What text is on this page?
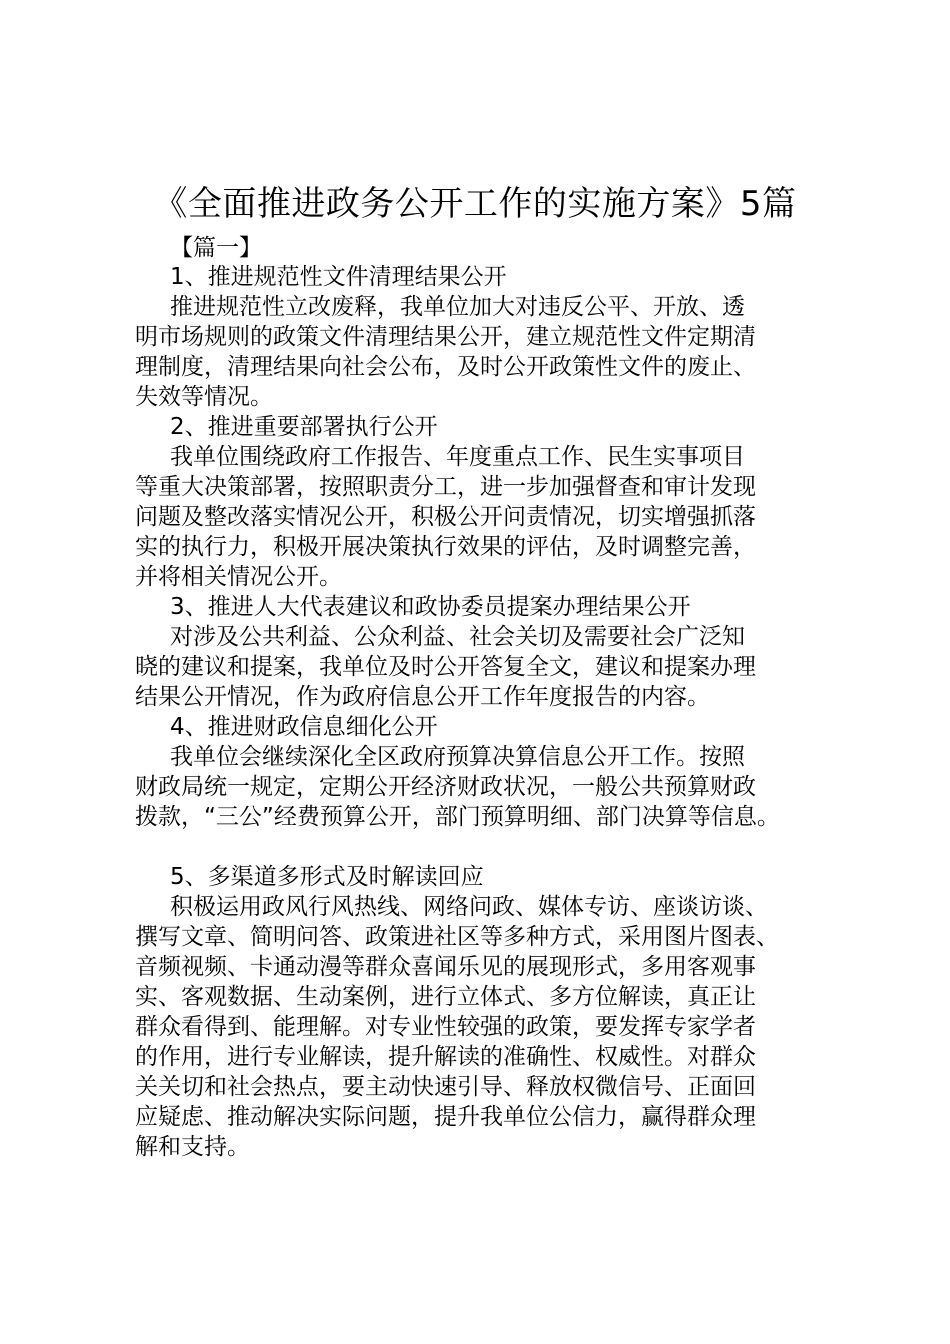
《全面推进政务公开工作的实施方案》5篇
【篇一】
1、推进规范性文件清理结果公开
推进规范性立改废释，我单位加大对违反公平、开放、透
明市场规则的政策文件清理结果公开，建立规范性文件定期清
理制度，清理结果向社会公布，及时公开政策性文件的废止、
失效等情况。
2、推进重要部署执行公开
我单位围绕政府工作报告、年度重点工作、民生实事项目
等重大决策部署，按照职责分工，进一步加强督查和审计发现
问题及整改落实情况公开，积极公开问责情况，切实增强抓落
实的执行力，积极开展决策执行效果的评估，及时调整完善，
并将相关情况公开。
3、推进人大代表建议和政协委员提案办理结果公开
对涉及公共利益、公众利益、社会关切及需要社会广泛知
晓的建议和提案，我单位及时公开答复全文，建议和提案办理
结果公开情况，作为政府信息公开工作年度报告的内容。
4、推进财政信息细化公开
我单位会继续深化全区政府预算决算信息公开工作。按照
财政局统一规定，定期公开经济财政状况，一般公共预算财政
拨款，“三公”经费预算公开，部门预算明细、部门决算等信息。
5、多渠道多形式及时解读回应
积极运用政风行风热线、网络问政、媒体专访、座谈访谈、
撰写文章、简明问答、政策进社区等多种方式，采用图片图表、
音频视频、卡通动漫等群众喜闻乐见的展现形式，多用客观事
实、客观数据、生动案例，进行立体式、多方位解读，真正让
群众看得到、能理解。对专业性较强的政策，要发挥专家学者
的作用，进行专业解读，提升解读的准确性、权威性。对群众
关关切和社会热点，要主动快速引导、释放权微信号、正面回
应疑虑、推动解决实际问题，提升我单位公信力，赢得群众理
解和支持。
